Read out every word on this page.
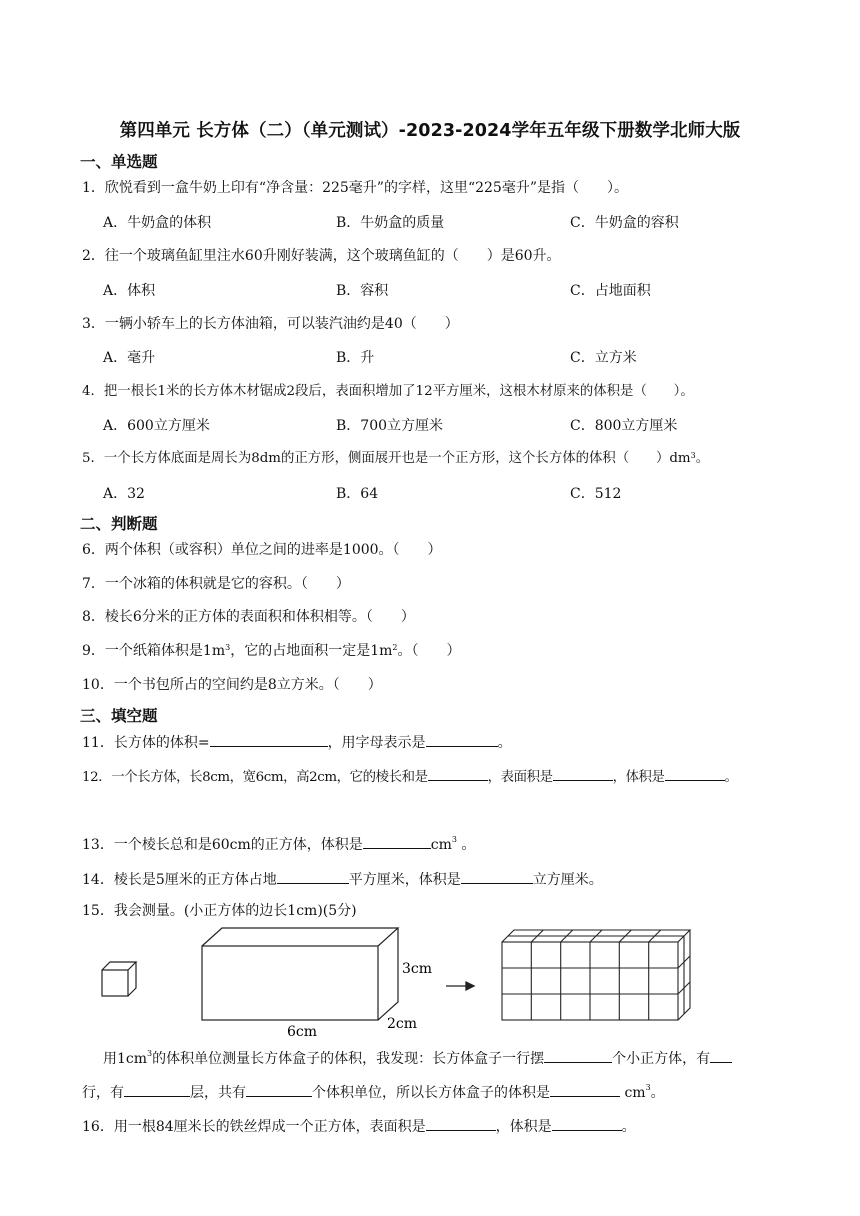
第四单元 长方体（二）（单元测试）-2023-2024学年五年级下册数学北师大版
一、单选题
1．欣悦看到一盒牛奶上印有“净含量：225毫升”的字样，这里“225毫升”是指（　　）。
A．牛奶盒的体积	B．牛奶盒的质量	C．牛奶盒的容积
2．往一个玻璃鱼缸里注水60升刚好装满，这个玻璃鱼缸的（　　）是60升。
A．体积	B．容积	C．占地面积
3．一辆小轿车上的长方体油箱，可以装汽油约是40（　　）
A．毫升	B．升	C．立方米
4．把一根长1米的长方体木材锯成2段后，表面积增加了12平方厘米，这根木材原来的体积是（　　）。
A．600立方厘米	B．700立方厘米	C．800立方厘米
5．一个长方体底面是周长为8dm的正方形，侧面展开也是一个正方形，这个长方体的体积（　　）$dm^3$。
A．32	B．64	C．512
二、判断题
6．两个体积（或容积）单位之间的进率是1000。（　　）
7．一个冰箱的体积就是它的容积。（　　）
8．棱长6分米的正方体的表面积和体积相等。（　　）
9．一个纸箱体积是$1m^3$，它的占地面积一定是$1m^2$。（　　）
10．一个书包所占的空间约是8立方米。（　　）
三、填空题
11．长方体的体积=	，用字母表示是	。
12．一个长方体，长8cm，宽6cm，高2cm，它的棱长和是	，表面积是	，体积是	。
13．一个棱长总和是60cm的正方体，体积是	$cm^3$ 。
14．棱长是5厘米的正方体占地	平方厘米，体积是	立方厘米。
15．我会测量。(小正方体的边长1cm)(5分)
3cm
2cm
6cm
用$1cm^3$的体积单位测量长方体盒子的体积，我发现：长方体盒子一行摆	个小正方体，有
行，有	层，共有	个体积单位，所以长方体盒子的体积是	$cm^3$。
16．用一根84厘米长的铁丝焊成一个正方体，表面积是	，体积是	。
